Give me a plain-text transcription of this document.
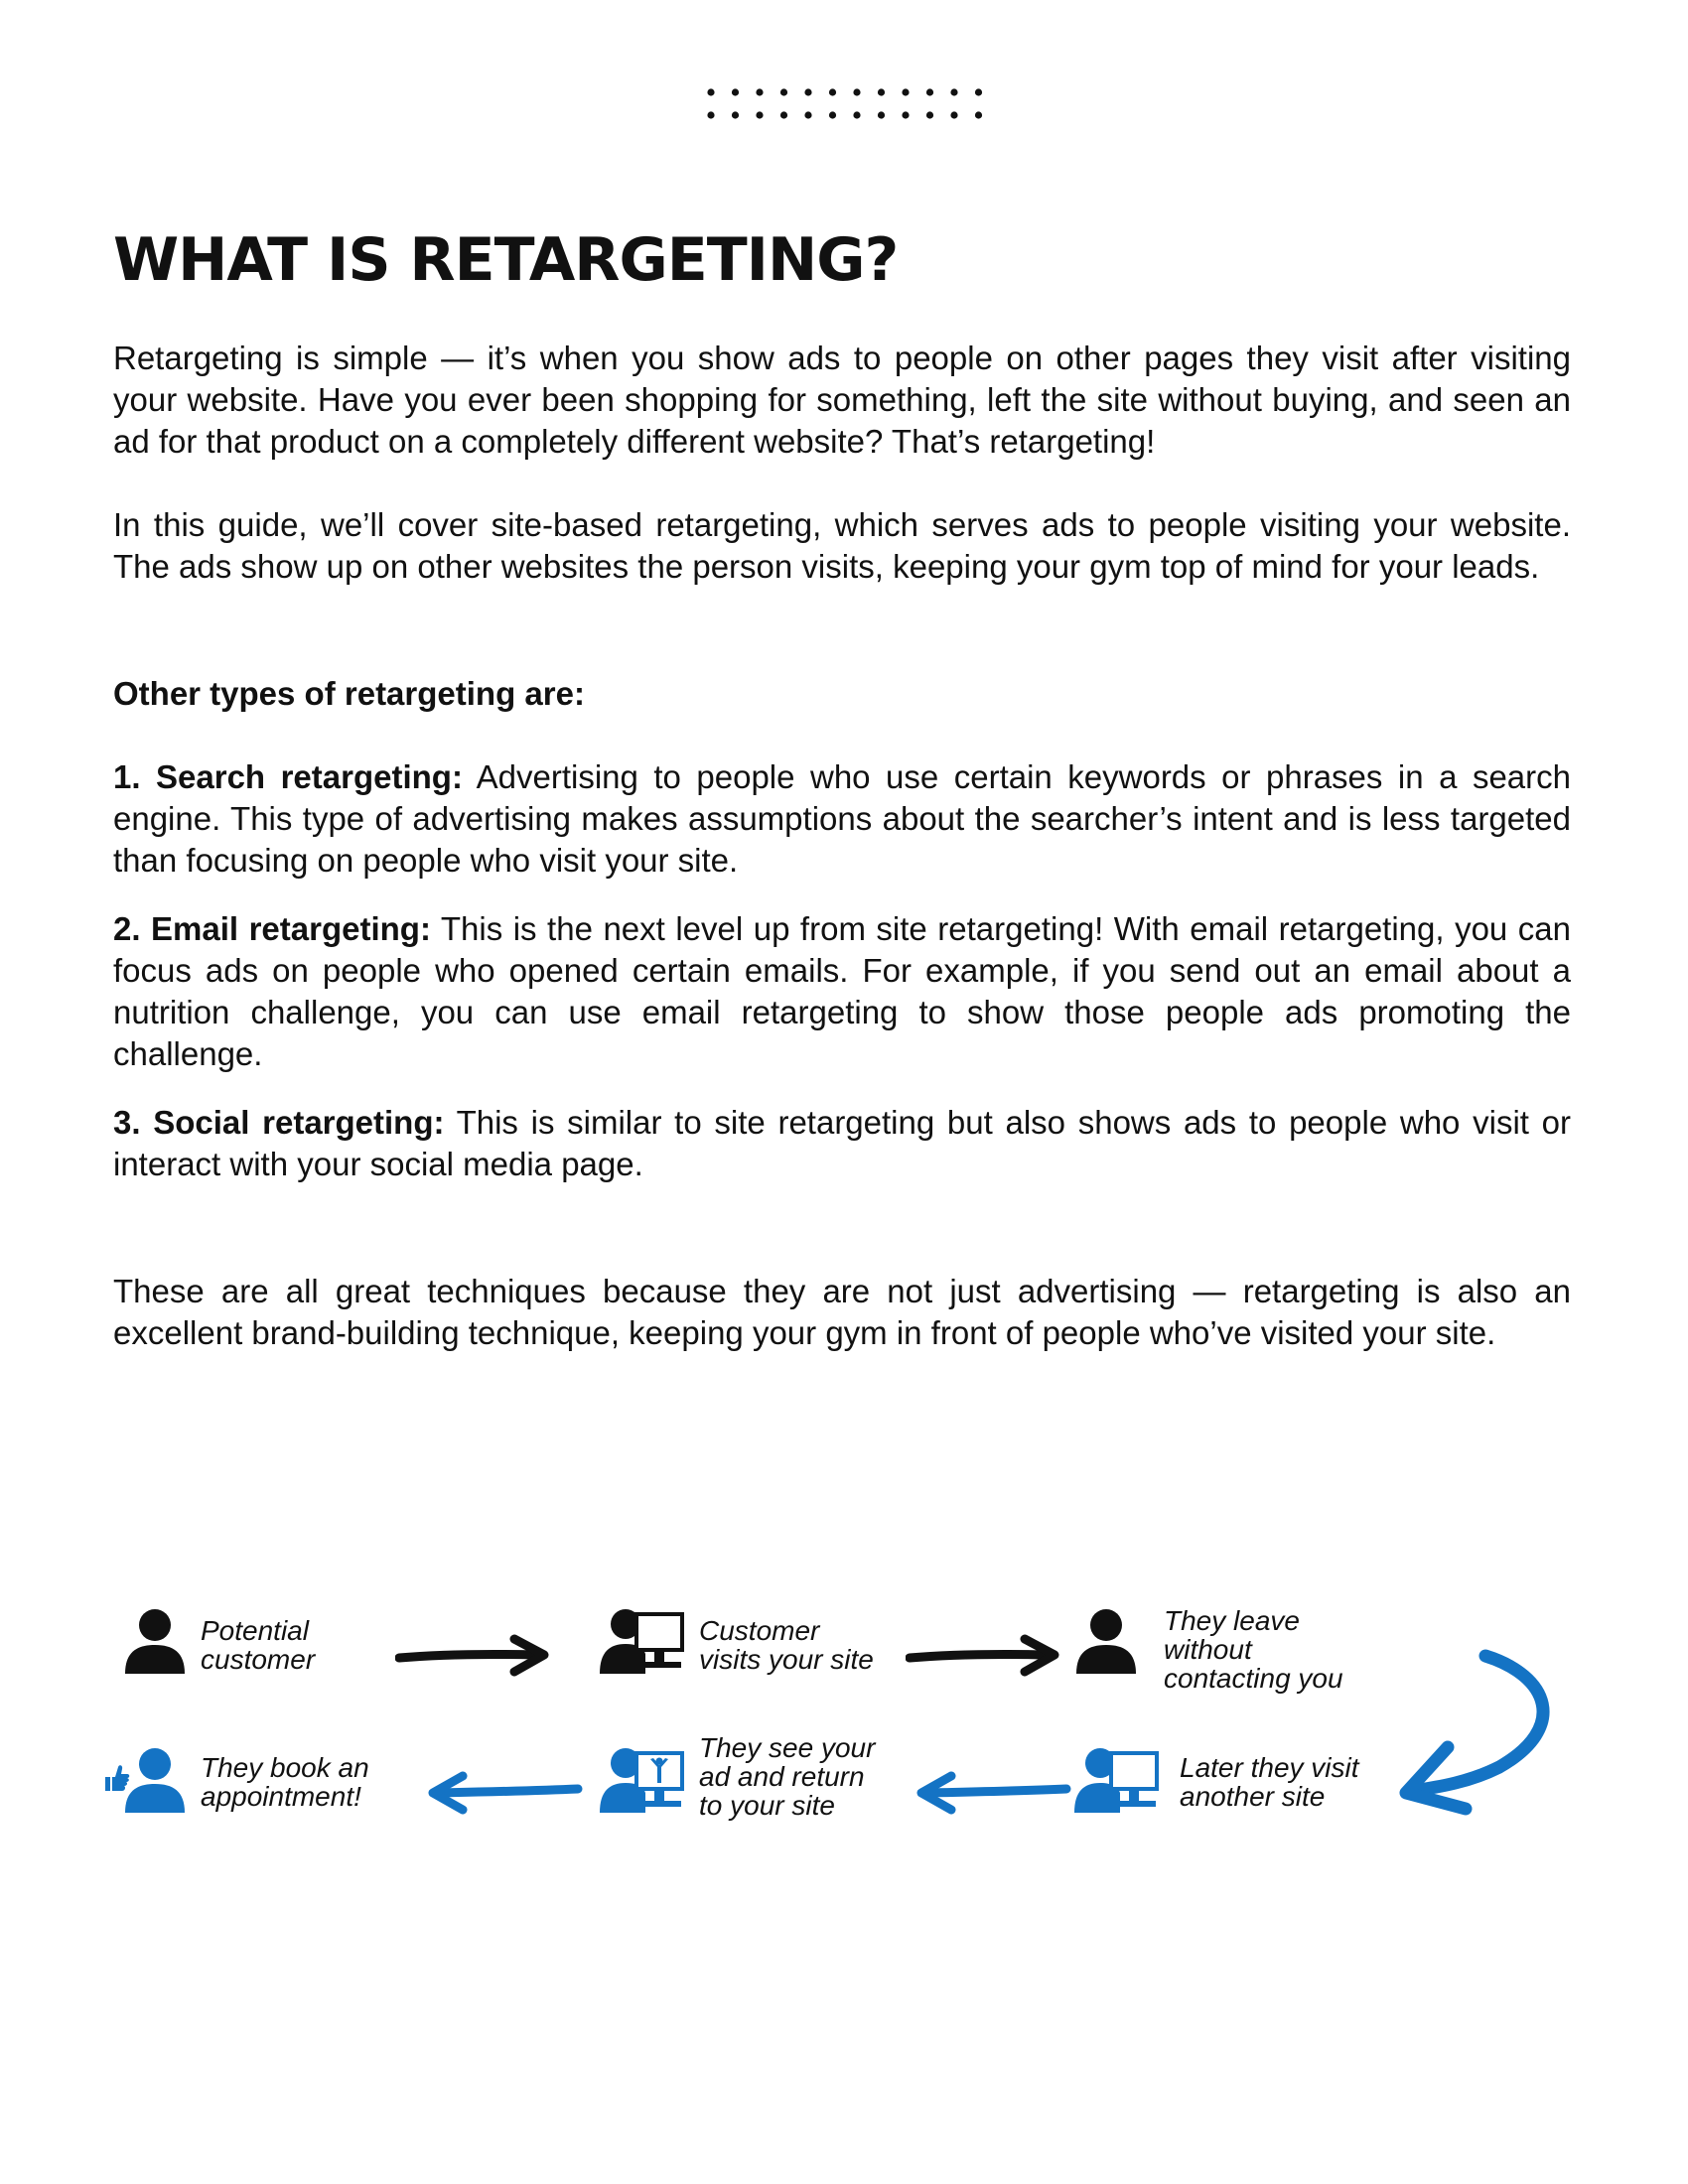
WHAT IS RETARGETING?

Retargeting is simple — it’s when you show ads to people on other pages they visit after visiting your website. Have you ever been shopping for something, left the site without buying, and seen an ad for that product on a completely different website? That’s retargeting!

In this guide, we’ll cover site-based retargeting, which serves ads to people visiting your website. The ads show up on other websites the person visits, keeping your gym top of mind for your leads.

Other types of retargeting are:

1. Search retargeting: Advertising to people who use certain keywords or phrases in a search engine. This type of advertising makes assumptions about the searcher’s intent and is less targeted than focusing on people who visit your site.

2. Email retargeting: This is the next level up from site retargeting! With email retargeting, you can focus ads on people who opened certain emails. For example, if you send out an email about a nutrition challenge, you can use email retargeting to show those people ads promoting the challenge.

3. Social retargeting: This is similar to site retargeting but also shows ads to people who visit or interact with your social media page.

These are all great techniques because they are not just advertising — retargeting is also an excellent brand-building technique, keeping your gym in front of people who’ve visited your site.

Potential
customer
Customer
visits your site
They leave
without
contacting you
Later they visit
another site
They see your
ad and return
to your site
They book an
appointment!
